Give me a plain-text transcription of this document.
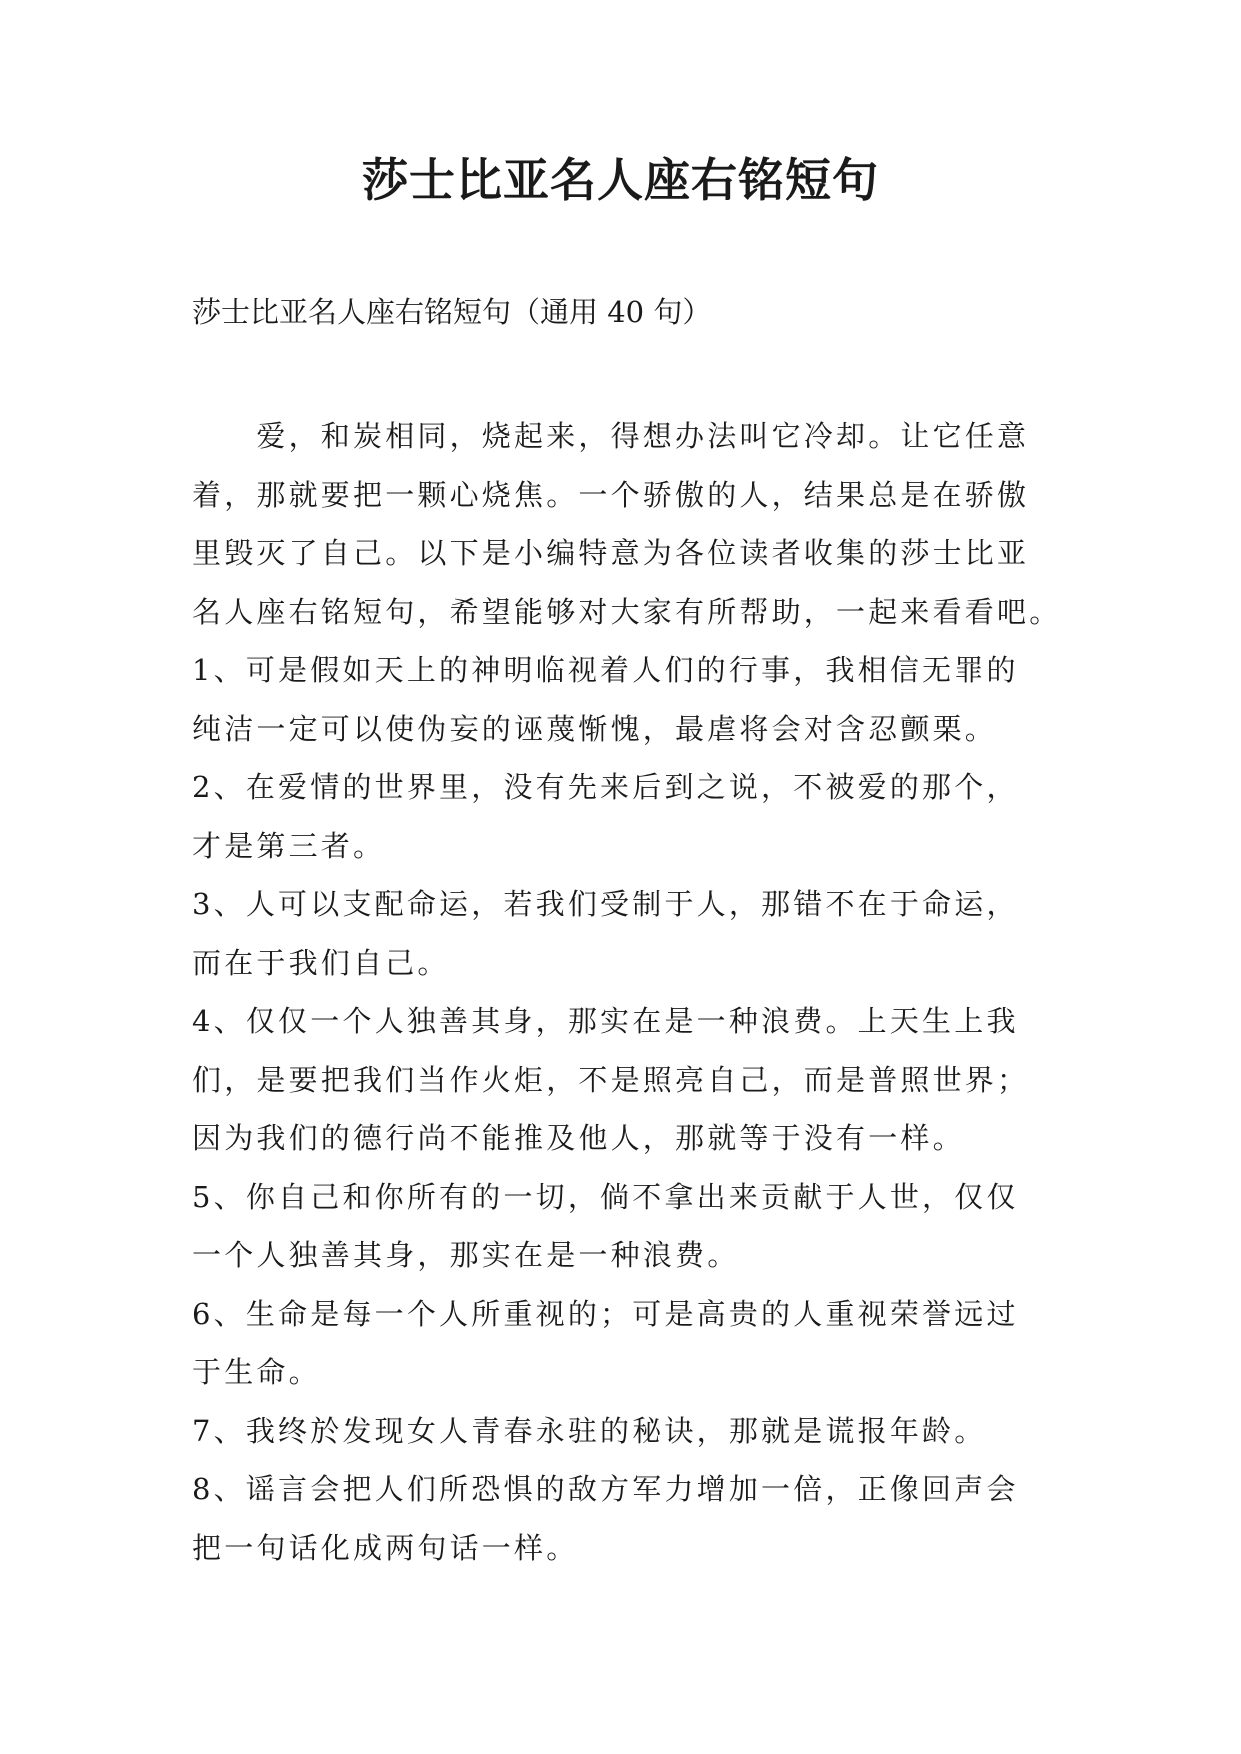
莎士比亚名人座右铭短句
莎士比亚名人座右铭短句（通用 40 句）
　　爱，和炭相同，烧起来，得想办法叫它冷却。让它任意
着，那就要把一颗心烧焦。一个骄傲的人，结果总是在骄傲
里毁灭了自己。以下是小编特意为各位读者收集的莎士比亚
名人座右铭短句，希望能够对大家有所帮助，一起来看看吧。
1、可是假如天上的神明临视着人们的行事，我相信无罪的
纯洁一定可以使伪妄的诬蔑惭愧，最虐将会对含忍颤栗。
2、在爱情的世界里，没有先来后到之说，不被爱的那个，
才是第三者。
3、人可以支配命运，若我们受制于人，那错不在于命运，
而在于我们自己。
4、仅仅一个人独善其身，那实在是一种浪费。上天生上我
们，是要把我们当作火炬，不是照亮自己，而是普照世界；
因为我们的德行尚不能推及他人，那就等于没有一样。
5、你自己和你所有的一切，倘不拿出来贡献于人世，仅仅
一个人独善其身，那实在是一种浪费。
6、生命是每一个人所重视的；可是高贵的人重视荣誉远过
于生命。
7、我终於发现女人青春永驻的秘诀，那就是谎报年龄。
8、谣言会把人们所恐惧的敌方军力增加一倍，正像回声会
把一句话化成两句话一样。
